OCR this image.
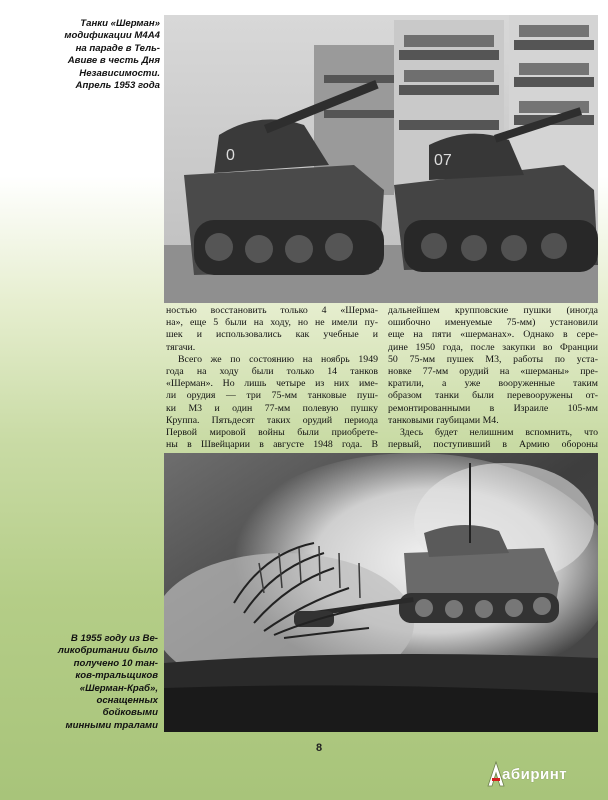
Танки «Шерман»
модификации М4А4
на параде в Тель-
Авиве в честь Дня
Независимости.
Апрель 1953 года
0	07

ностью восстановить только 4 «Шерма-
на», еще 5 были на ходу, но не имели пу-
шек и использовались как учебные и
тягачи.

Всего же по состоянию на ноябрь 1949
года на ходу были только 14 танков
«Шерман». Но лишь четыре из них име-
ли орудия — три 75-мм танковые пуш-
ки М3 и один 77-мм полевую пушку
Круппа. Пятьдесят таких орудий периода
Первой мировой войны были приобрете-
ны в Швейцарии в августе 1948 года. В

дальнейшем крупповские пушки (иногда
ошибочно именуемые 75-мм) установили
еще на пяти «шерманах». Однако в сере-
дине 1950 года, после закупки во Франции
50 75-мм пушек М3, работы по уста-
новке 77-мм орудий на «шерманы» пре-
кратили, а уже вооруженные таким
образом танки были перевооружены от-
ремонтированными в Израиле 105-мм
танковыми гаубицами М4.

Здесь будет нелишним вспомнить, что
первый, поступивший в Армию обороны

В 1955 году из Ве-
ликобритании было
получено 10 тан-
ков-тральщиков
«Шерман-Краб»,
оснащенных
бойковыми
минными тралами
8
абиринт
